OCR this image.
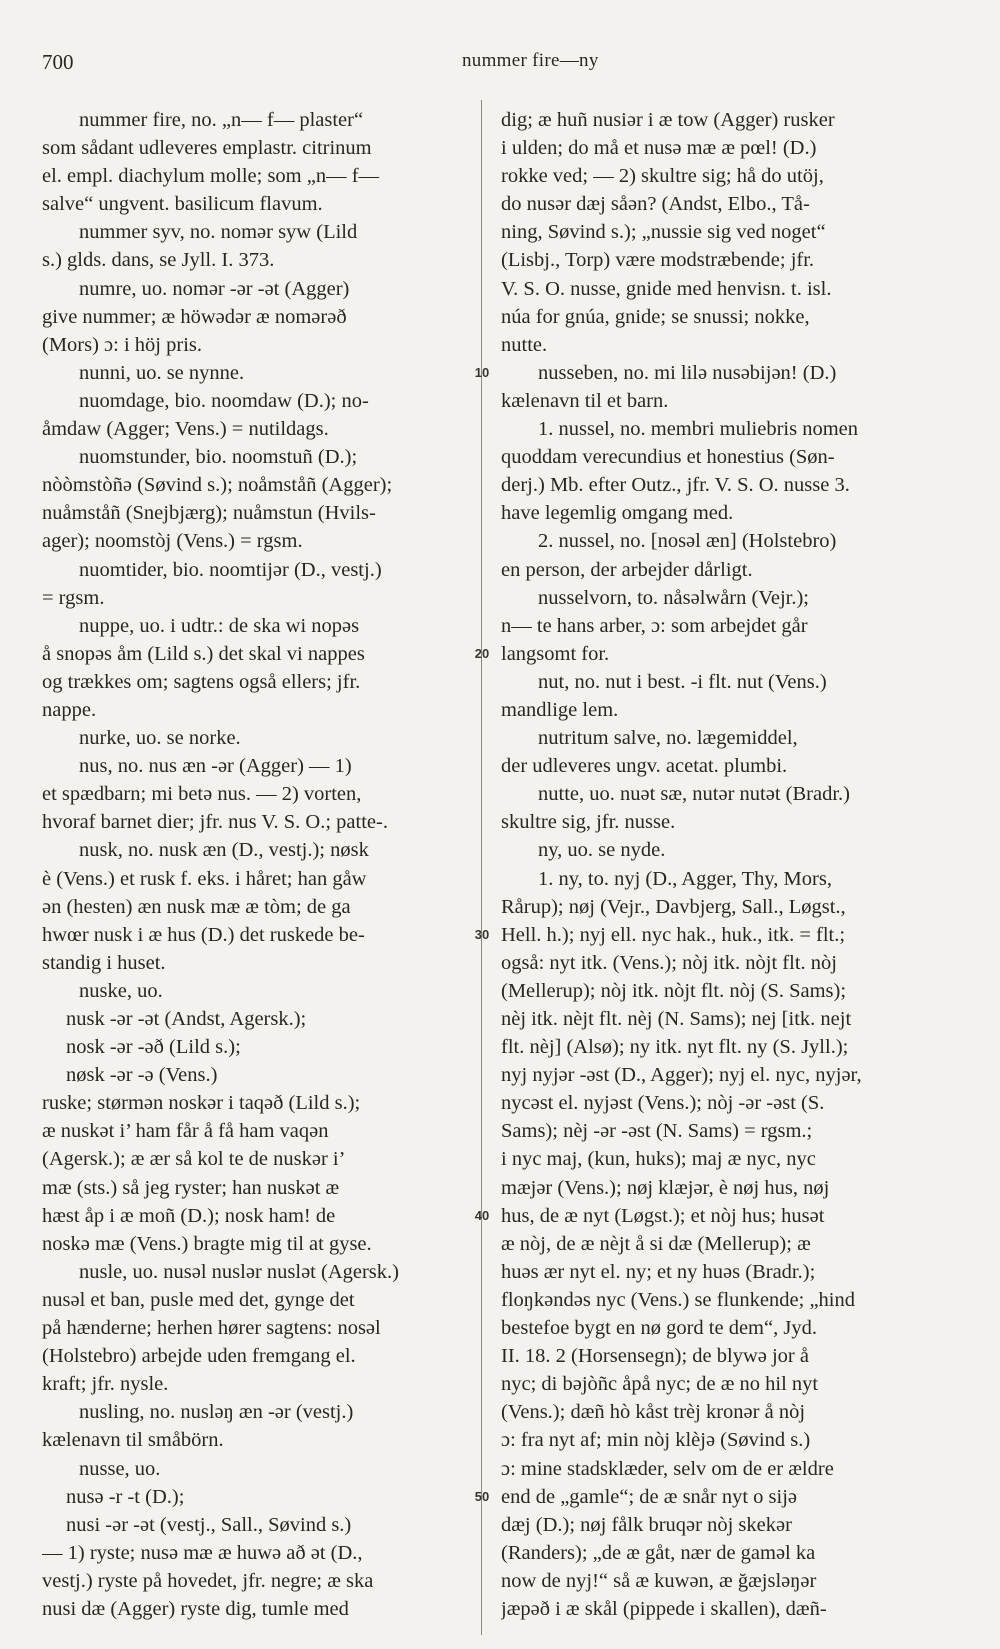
700	nummer fire—ny
nummer fire, no. „n— f— plaster“
som sådant udleveres emplastr. citrinum
el. empl. diachylum molle; som „n— f—
salve“ ungvent. basilicum flavum.
nummer syv, no. nomər syw (Lild
s.) glds. dans, se Jyll. I. 373.
numre, uo. nomər -ər -ət (Agger)
give nummer; æ höwədər æ nomərəð
(Mors) ɔ: i höj pris.
nunni, uo. se nynne.
nuomdage, bio. noomdaw (D.); no-
åmdaw (Agger; Vens.) = nutildags.
nuomstunder, bio. noomstuñ (D.);
nòòmstòñə (Søvind s.); noåmståñ (Agger);
nuåmståñ (Snejbjærg); nuåmstun (Hvils-
ager); noomstòj (Vens.) = rgsm.
nuomtider, bio. noomtiјər (D., vestj.)
= rgsm.
nuppe, uo. i udtr.: de ska wi nopəs
å snopəs åm (Lild s.) det skal vi nappes
og trækkes om; sagtens også ellers; jfr.
nappe.
nurke, uo. se norke.
nus, no. nus æn -ər (Agger) — 1)
et spædbarn; mi betə nus. — 2) vorten,
hvoraf barnet dier; jfr. nus V. S. O.; patte-.
nusk, no. nusk æn (D., vestj.); nøsk
è (Vens.) et rusk f. eks. i håret; han gåw
ən (hesten) æn nusk mæ æ tòm; de ga
hwœr nusk i æ hus (D.) det ruskede be-
standig i huset.
nuske, uo.
nusk -ər -ət (Andst, Agersk.);
nosk -ər -əð (Lild s.);
nøsk -ər -ə (Vens.)
ruske; størmən noskər i taqəð (Lild s.);
æ nuskət i’ ham får å få ham vaqən
(Agersk.); æ ær så kol te de nuskər i’
mæ (sts.) så jeg ryster; han nuskət æ
hæst åp i æ moñ (D.); nosk ham! de
noskə mæ (Vens.) bragte mig til at gyse.
nusle, uo. nusəl nuslər nuslət (Agersk.)
nusəl et ban, pusle med det, gynge det
på hænderne; herhen hører sagtens: nosəl
(Holstebro) arbejde uden fremgang el.
kraft; jfr. nysle.
nusling, no. nusləŋ æn -ər (vestj.)
kælenavn til småbörn.
nusse, uo.
nusə -r -t (D.);
nusi -ər -ət (vestj., Sall., Søvind s.)
— 1) ryste; nusə mæ æ huwə að ət (D.,
vestj.) ryste på hovedet, jfr. negre; æ ska
nusi dæ (Agger) ryste dig, tumle med
dig; æ huñ nusiər i æ tow (Agger) rusker
i ulden; do må et nusə mæ æ pœl! (D.)
rokke ved; — 2) skultre sig; hå do utöj,
do nusər dæj såən? (Andst, Elbo., Tå-
ning, Søvind s.); „nussie sig ved noget“
(Lisbj., Torp) være modstræbende; jfr.
V. S. O. nusse, gnide med henvisn. t. isl.
núa for gnúa, gnide; se snussi; nokke,
nutte.
nusseben, no. mi lilə nusəbiјən! (D.)
kælenavn til et barn.
1. nussel, no. membri muliebris nomen
quoddam verecundius et honestius (Søn-
derj.) Mb. efter Outz., jfr. V. S. O. nusse 3.
have legemlig omgang med.
2. nussel, no. [nosəl æn] (Holstebro)
en person, der arbejder dårligt.
nusselvorn, to. nåsəlwårn (Vejr.);
n— te hans arber, ɔ: som arbejdet går
langsomt for.
nut, no. nut i best. -i flt. nut (Vens.)
mandlige lem.
nutritum salve, no. lægemiddel,
der udleveres ungv. acetat. plumbi.
nutte, uo. nuət sæ, nutər nutət (Bradr.)
skultre sig, jfr. nusse.
ny, uo. se nyde.
1. ny, to. nyj (D., Agger, Thy, Mors,
Rårup); nøj (Vejr., Davbjerg, Sall., Løgst.,
Hell. h.); nyj ell. nyc hak., huk., itk. = flt.;
også: nyt itk. (Vens.); nòj itk. nòjt flt. nòj
(Mellerup); nòj itk. nòjt flt. nòj (S. Sams);
nèj itk. nèjt flt. nèj (N. Sams); nej [itk. nejt
flt. nèj] (Alsø); ny itk. nyt flt. ny (S. Jyll.);
nyj nyјər -əst (D., Agger); nyj el. nyc, nyјər,
nycəst el. nyjəst (Vens.); nòj -ər -əst (S.
Sams); nèj -ər -əst (N. Sams) = rgsm.;
i nyc maj, (kun, huks); maj æ nyc, nyc
mæјər (Vens.); nøj klæјər, è nøj hus, nøj
hus, de æ nyt (Løgst.); et nòj hus; husət
æ nòj, de æ nèjt å si dæ (Mellerup); æ
huəs ær nyt el. ny; et ny huəs (Bradr.);
floŋkəndəs nyc (Vens.) se flunkende; „hind
bestefoe bygt en nø gord te dem“, Jyd.
II. 18. 2 (Horsensegn); de blywə jor å
nyc; di bəjòñc åpå nyc; de æ no hil nyt
(Vens.); dæñ hò kåst trèj kronər å nòj
ɔ: fra nyt af; min nòj klèjə (Søvind s.)
ɔ: mine stadsklæder, selv om de er ældre
end de „gamle“; de æ snår nyt o siјə
dæj (D.); nøj fålk bruqər nòj skekər
(Randers); „de æ gåt, nær de gaməl ka
now de nyj!“ så æ kuwən, æ ğæјsləŋər
jæpəð i æ skål (pippede i skallen), dæñ-
10
20
30
40
50
